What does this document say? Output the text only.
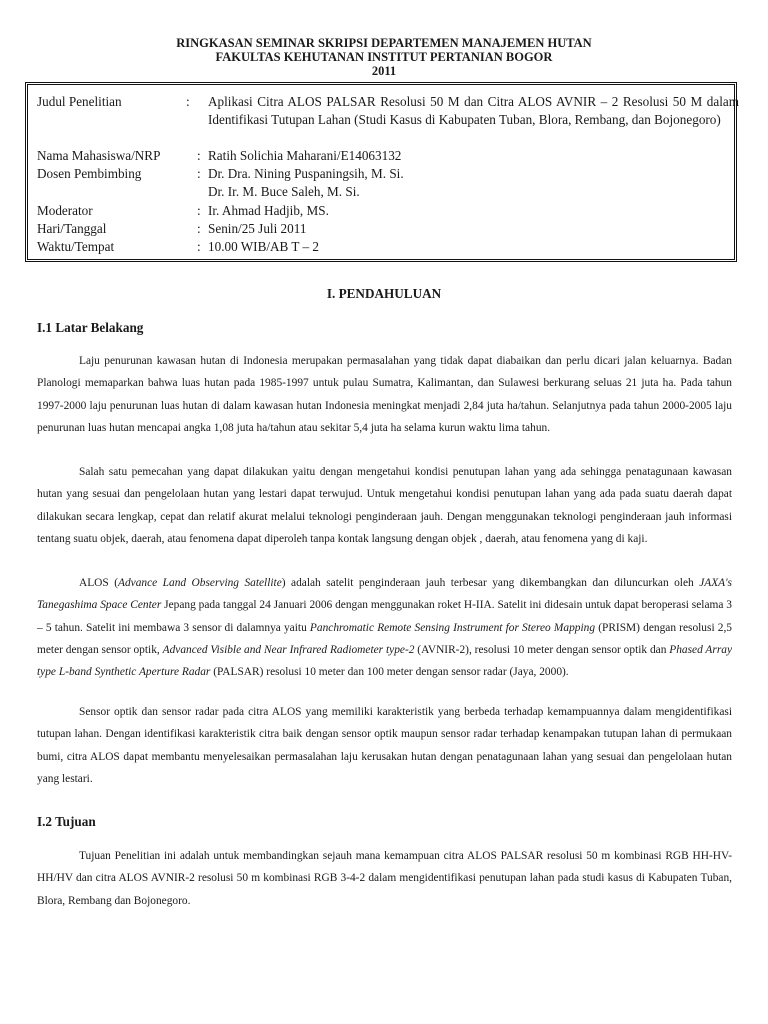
RINGKASAN SEMINAR SKRIPSI DEPARTEMEN MANAJEMEN HUTAN
FAKULTAS KEHUTANAN INSTITUT PERTANIAN BOGOR
2011
Judul Penelitian	: Aplikasi Citra ALOS PALSAR Resolusi 50 M dan Citra ALOS AVNIR – 2 Resolusi 50 M dalam Identifikasi Tutupan Lahan (Studi Kasus di Kabupaten Tuban, Blora, Rembang, dan Bojonegoro)
Nama Mahasiswa/NRP	: Ratih Solichia Maharani/E14063132
Dosen Pembimbing	: Dr. Dra. Nining Puspaningsih, M. Si.
Dr. Ir. M. Buce Saleh, M. Si.
Moderator	: Ir. Ahmad Hadjib, MS.
Hari/Tanggal	: Senin/25 Juli 2011
Waktu/Tempat	: 10.00 WIB/AB T – 2
I. PENDAHULUAN
I.1 Latar Belakang
Laju penurunan kawasan hutan di Indonesia merupakan permasalahan yang tidak dapat diabaikan dan perlu dicari jalan keluarnya. Badan Planologi memaparkan bahwa luas hutan pada 1985-1997 untuk pulau Sumatra, Kalimantan, dan Sulawesi berkurang seluas 21 juta ha. Pada tahun 1997-2000 laju penurunan luas hutan di dalam kawasan hutan Indonesia meningkat menjadi 2,84 juta ha/tahun. Selanjutnya pada tahun 2000-2005 laju penurunan luas hutan mencapai angka 1,08 juta ha/tahun atau sekitar 5,4 juta ha selama kurun waktu lima tahun.
Salah satu pemecahan yang dapat dilakukan yaitu dengan mengetahui kondisi penutupan lahan yang ada sehingga penatagunaan kawasan hutan yang sesuai dan pengelolaan hutan yang lestari dapat terwujud. Untuk mengetahui kondisi penutupan lahan yang ada pada suatu daerah dapat dilakukan secara lengkap, cepat dan relatif akurat melalui teknologi penginderaan jauh. Dengan menggunakan teknologi penginderaan jauh informasi tentang suatu objek, daerah, atau fenomena dapat diperoleh tanpa kontak langsung dengan objek , daerah, atau fenomena yang di kaji.
ALOS (Advance Land Observing Satellite) adalah satelit penginderaan jauh terbesar yang dikembangkan dan diluncurkan oleh JAXA's Tanegashima Space Center Jepang pada tanggal 24 Januari 2006 dengan menggunakan roket H-IIA. Satelit ini didesain untuk dapat beroperasi selama 3 – 5 tahun. Satelit ini membawa 3 sensor di dalamnya yaitu Panchromatic Remote Sensing Instrument for Stereo Mapping (PRISM) dengan resolusi 2,5 meter dengan sensor optik, Advanced Visible and Near Infrared Radiometer type-2 (AVNIR-2), resolusi 10 meter dengan sensor optik dan Phased Array type L-band Synthetic Aperture Radar (PALSAR) resolusi 10 meter dan 100 meter dengan sensor radar (Jaya, 2000).
Sensor optik dan sensor radar pada citra ALOS yang memiliki karakteristik yang berbeda terhadap kemampuannya dalam mengidentifikasi tutupan lahan. Dengan identifikasi karakteristik citra baik dengan sensor optik maupun sensor radar terhadap kenampakan tutupan lahan di permukaan bumi, citra ALOS dapat membantu menyelesaikan permasalahan laju kerusakan hutan dengan penatagunaan lahan yang sesuai dan pengelolaan hutan yang lestari.
I.2 Tujuan
Tujuan Penelitian ini adalah untuk membandingkan sejauh mana kemampuan citra ALOS PALSAR resolusi 50 m kombinasi RGB HH-HV-HH/HV dan citra ALOS AVNIR-2 resolusi 50 m kombinasi RGB 3-4-2 dalam mengidentifikasi penutupan lahan pada studi kasus di Kabupaten Tuban, Blora, Rembang dan Bojonegoro.
